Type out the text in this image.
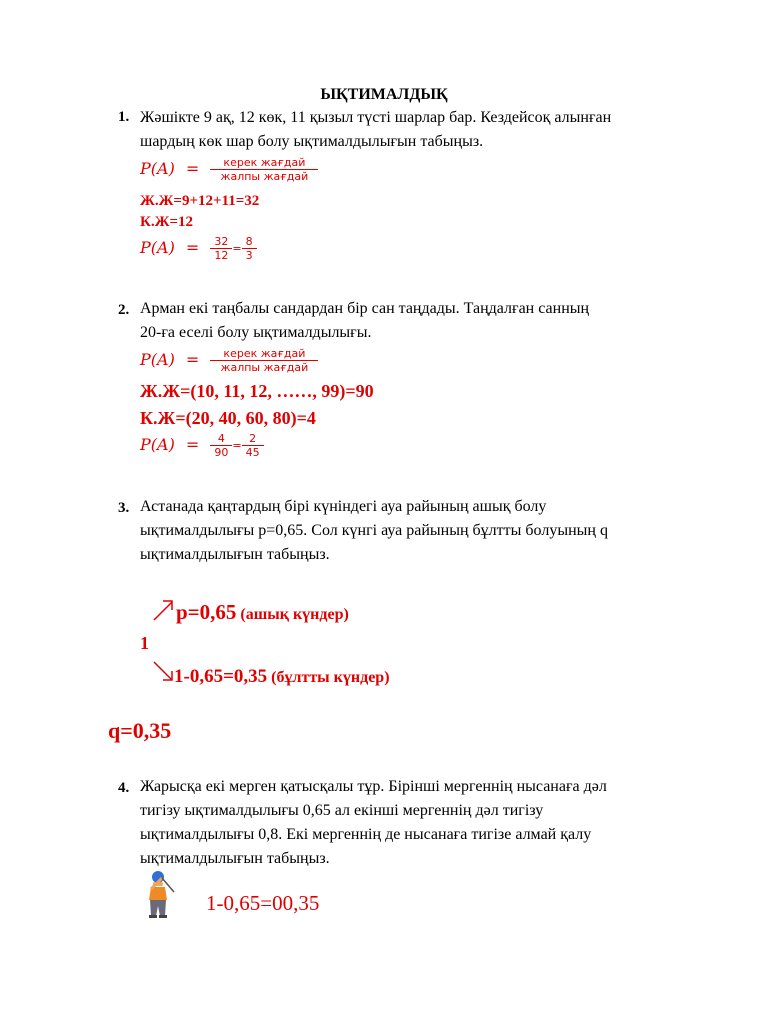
ЫҚТИМАЛДЫҚ
1. Жәшікте 9 ақ, 12 көк, 11 қызыл түсті шарлар бар. Кездейсоқ алынған
шардың көк шар болу ықтималдылығын табыңыз.
$P(A) = \frac{\text{керек жағдай}}{\text{жалпы жағдай}}$
Ж.Ж=9+12+11=32
К.Ж=12
$P(A) = \frac{32}{12} = \frac{8}{3}$
2. Арман екі таңбалы сандардан бір сан таңдады. Таңдалған санның
20-ға еселі болу ықтималдылығы.
$P(A) = \frac{\text{керек жағдай}}{\text{жалпы жағдай}}$
Ж.Ж=(10, 11, 12, ……, 99)=90
К.Ж=(20, 40, 60, 80)=4
$P(A) = \frac{4}{90} = \frac{2}{45}$
3. Астанада қаңтардың бірі күніндегі ауа райының ашық болу
ықтималдылығы p=0,65. Сол күнгі ауа райының бұлтты болуының q
ықтималдылығын табыңыз.
p=0,65 (ашық күндер)
1
1-0,65=0,35 (бұлтты күндер)
q=0,35
4. Жарысқа екі мерген қатысқалы тұр. Бірінші мергеннің нысанаға дәл
тигізу ықтималдылығы 0,65 ал екінші мергеннің дәл тигізу
ықтималдылығы 0,8. Екі мергеннің де нысанаға тигізе алмай қалу
ықтималдылығын табыңыз.
1-0,65=00,35
